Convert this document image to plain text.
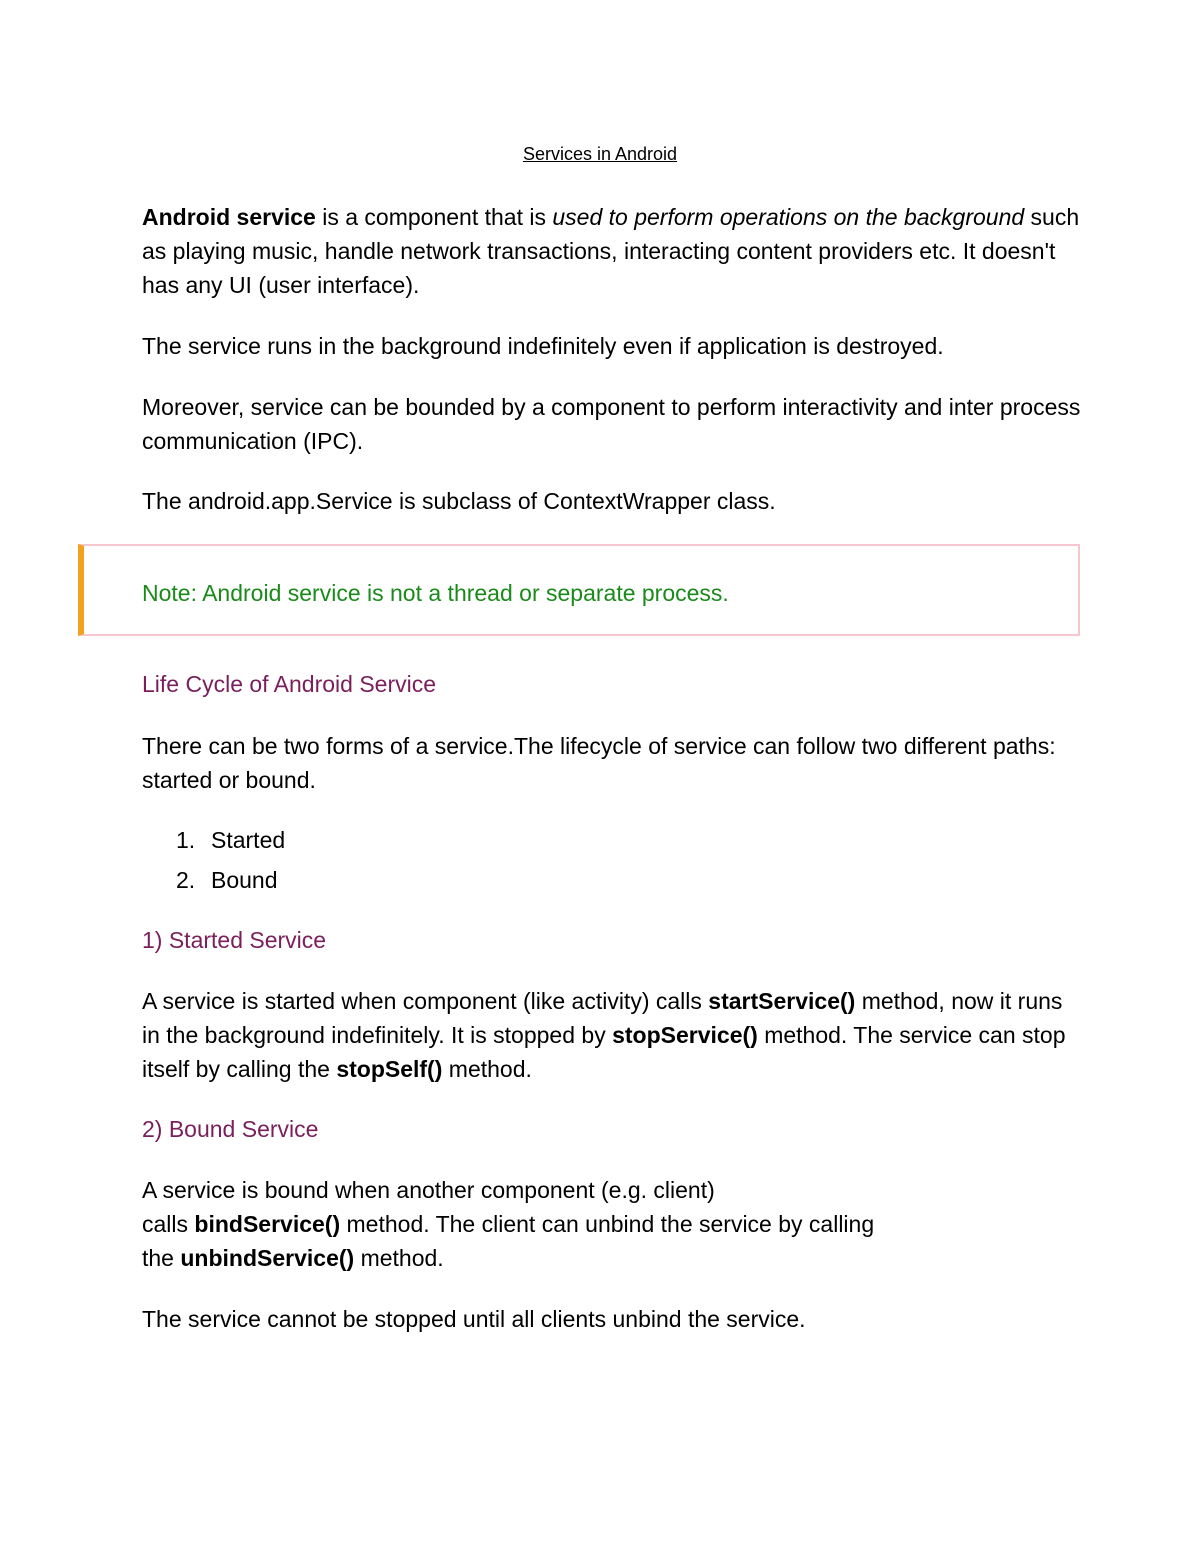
Services in Android

Android service is a component that is used to perform operations on the background such as playing music, handle network transactions, interacting content providers etc. It doesn't has any UI (user interface).

The service runs in the background indefinitely even if application is destroyed.

Moreover, service can be bounded by a component to perform interactivity and inter process communication (IPC).

The android.app.Service is subclass of ContextWrapper class.

Note: Android service is not a thread or separate process.

Life Cycle of Android Service

There can be two forms of a service.The lifecycle of service can follow two different paths: started or bound.

1. Started
2. Bound
1) Started Service

A service is started when component (like activity) calls startService() method, now it runs in the background indefinitely. It is stopped by stopService() method. The service can stop itself by calling the stopSelf() method.

2) Bound Service

A service is bound when another component (e.g. client)
calls bindService() method. The client can unbind the service by calling
the unbindService() method.

The service cannot be stopped until all clients unbind the service.
